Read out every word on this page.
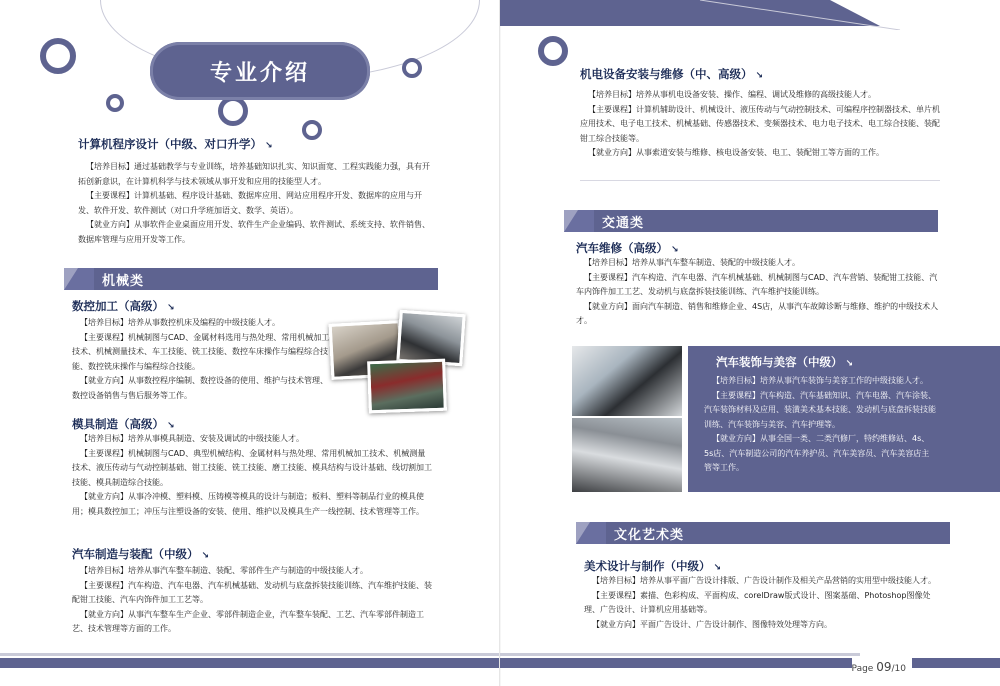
专业介绍
计算机程序设计（中级、对口升学） ↘

【培养目标】通过基础教学与专业训练，培养基础知识扎实、知识面宽、工程实践能力强，具有开拓创新意识，在计算机科学与技术领域从事开发和应用的技能型人才。

【主要课程】计算机基础、程序设计基础、数据库应用、网站应用程序开发、数据库的应用与开发、软件开发、软件测试（对口升学班加语文、数学、英语）。

【就业方向】从事软件企业桌面应用开发、软件生产企业编码、软件测试、系统支持、软件销售、数据库管理与应用开发等工作。

机械类
数控加工（高级） ↘

【培养目标】培养从事数控机床及编程的中级技能人才。

【主要课程】机械制图与CAD、金属材料选用与热处理、常用机械加工技术、机械测量技术、车工技能、铣工技能、数控车床操作与编程综合技能、数控铣床操作与编程综合技能。

【就业方向】从事数控程序编制、数控设备的使用、维护与技术管理、数控设备销售与售后服务等工作。

模具制造（高级） ↘

【培养目标】培养从事模具制造、安装及调试的中级技能人才。

【主要课程】机械制图与CAD、典型机械结构、金属材料与热处理、常用机械加工技术、机械测量技术、液压传动与气动控制基础、钳工技能、铣工技能、磨工技能、模具结构与设计基础、线切割加工技能、模具制造综合技能。

【就业方向】从事冷冲模、塑料模、压铸模等模具的设计与制造；板料、塑料等制品行业的模具使用；模具数控加工；冲压与注塑设备的安装、使用、维护以及模具生产一线控制、技术管理等工作。

汽车制造与装配（中级） ↘

【培养目标】培养从事汽车整车制造、装配、零部件生产与制造的中级技能人才。

【主要课程】汽车构造、汽车电器、汽车机械基础、发动机与底盘拆装技能训练、汽车维护技能、装配钳工技能、汽车内饰件加工工艺等。

【就业方向】从事汽车整车生产企业、零部件制造企业，汽车整车装配、工艺、汽车零部件制造工艺、技术管理等方面的工作。

机电设备安装与维修（中、高级） ↘

【培养目标】培养从事机电设备安装、操作、编程、调试及维修的高级技能人才。

【主要课程】计算机辅助设计、机械设计、液压传动与气动控制技术、可编程序控制器技术、单片机应用技术、电子电工技术、机械基础、传感器技术、变频器技术、电力电子技术、电工综合技能、装配钳工综合技能等。

【就业方向】从事索道安装与维修、核电设备安装、电工、装配钳工等方面的工作。

交通类
汽车维修（高级） ↘

【培养目标】培养从事汽车整车制造、装配的中级技能人才。

【主要课程】汽车构造、汽车电器、汽车机械基础、机械制图与CAD、汽车营销、装配钳工技能、汽车内饰件加工工艺、发动机与底盘拆装技能训练、汽车维护技能训练。

【就业方向】面向汽车制造、销售和维修企业、4S店，从事汽车故障诊断与维修、维护的中级技术人才。

汽车装饰与美容（中级） ↘

【培养目标】培养从事汽车装饰与美容工作的中级技能人才。

【主要课程】汽车构造、汽车基础知识、汽车电器、汽车涂装、汽车装饰材料及应用、装潢美术基本技能、发动机与底盘拆装技能训练、汽车装饰与美容、汽车护理等。

【就业方向】从事全国一类、二类汽修厂，特约维修站、4s、5s店、汽车制造公司的汽车养护员、汽车美容员、汽车美容店主管等工作。

文化艺术类
美术设计与制作（中级） ↘

【培养目标】培养从事平面广告设计排版、广告设计制作及相关产品营销的实用型中级技能人才。

【主要课程】素描、色彩构成、平面构成、corelDraw版式设计、图案基础、Photoshop图像处理、广告设计、计算机应用基础等。

【就业方向】平面广告设计、广告设计制作、图像特效处理等方向。

Page 09/10
